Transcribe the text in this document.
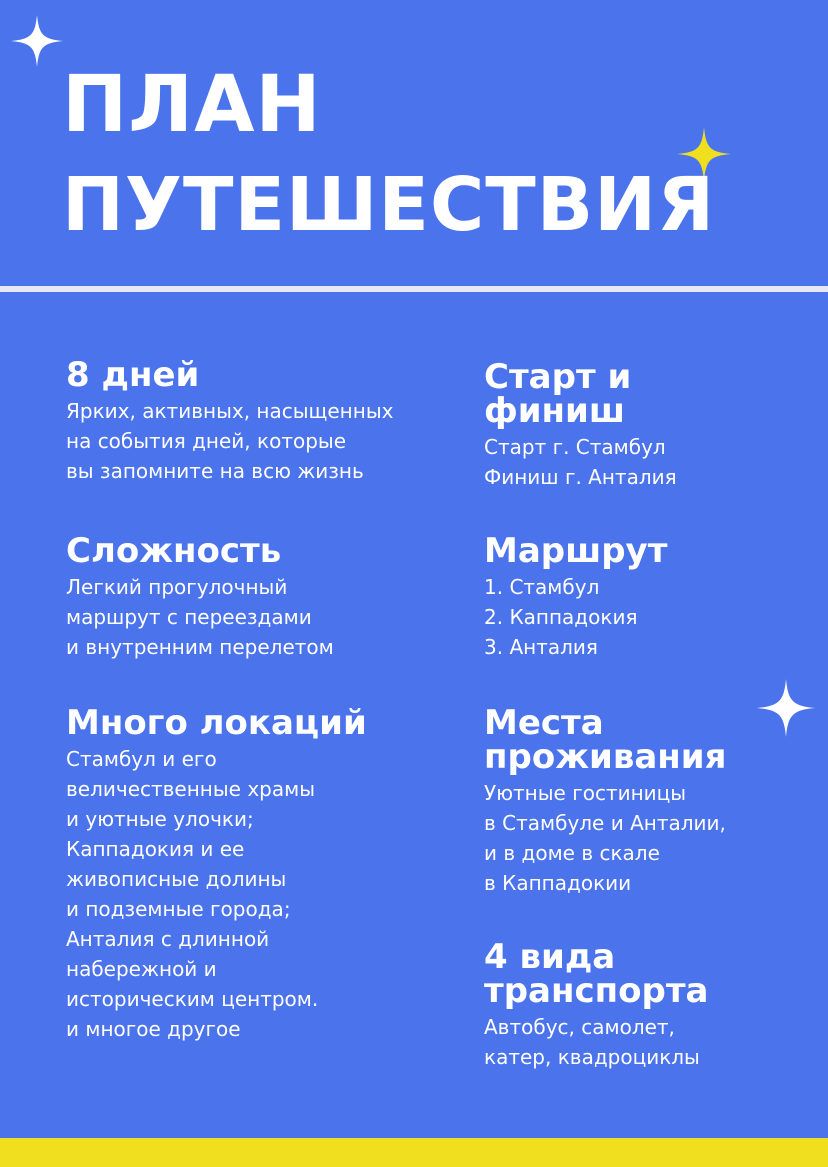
ПЛАН
ПУТЕШЕСТВИЯ
8 дней
Ярких, активных, насыщенных
на события дней, которые
вы запомните на всю жизнь
Сложность
Легкий прогулочный
маршрут с переездами
и внутренним перелетом
Много локаций
Стамбул и его
величественные храмы
и уютные улочки;
Каппадокия и ее
живописные долины
и подземные города;
Анталия с длинной
набережной и
историческим центром.
и многое другое
Старт и
финиш
Старт г. Стамбул
Финиш г. Анталия
Маршрут
1. Стамбул
2. Каппадокия
3. Анталия
Места
проживания
Уютные гостиницы
в Стамбуле и Анталии,
и в доме в скале
в Каппадокии
4 вида
транспорта
Автобус, самолет,
катер, квадроциклы
